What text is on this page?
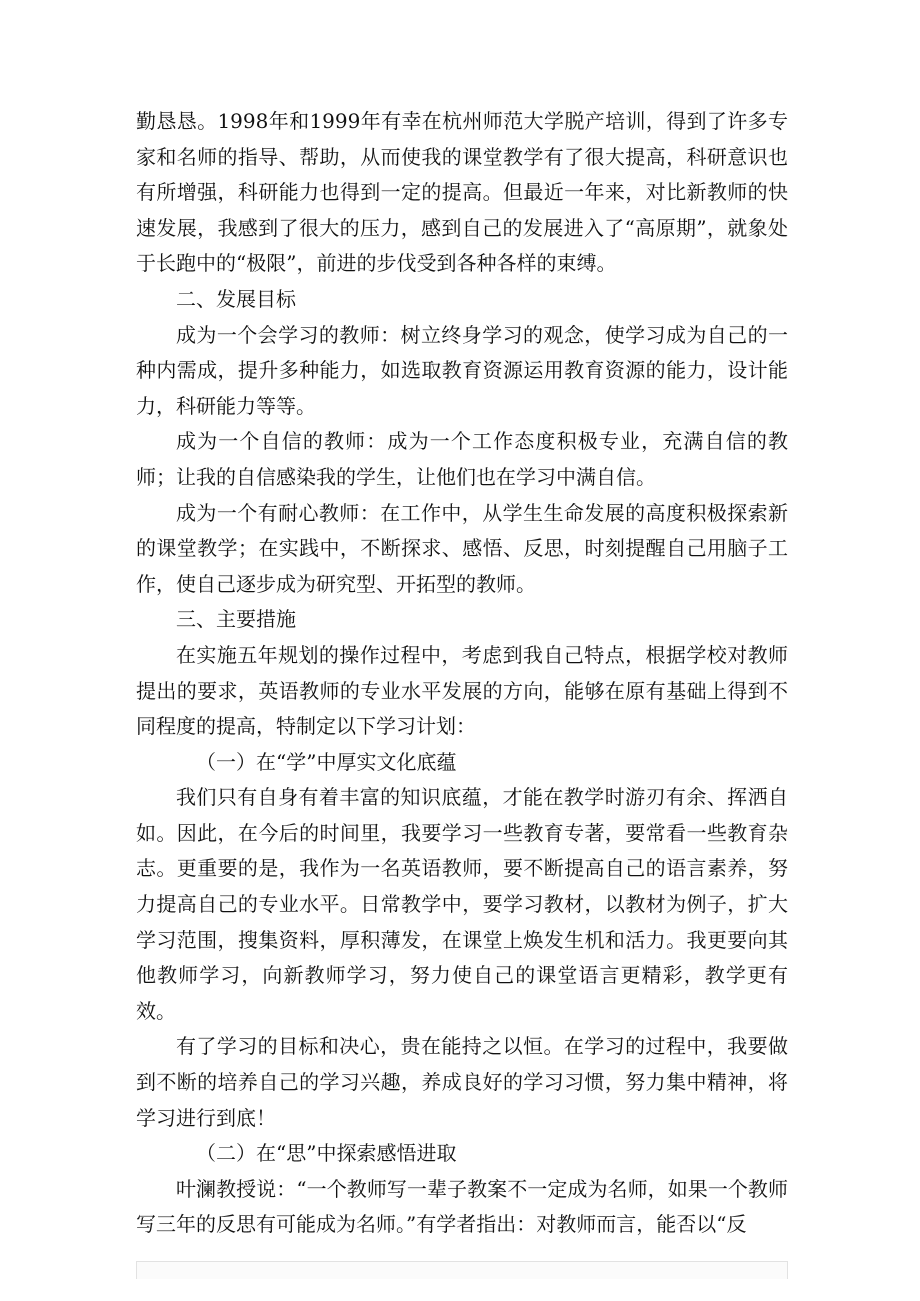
勤恳恳。1998年和1999年有幸在杭州师范大学脱产培训，得到了许多专家和名师的指导、帮助，从而使我的课堂教学有了很大提高，科研意识也有所增强，科研能力也得到一定的提高。但最近一年来，对比新教师的快速发展，我感到了很大的压力，感到自己的发展进入了“高原期”，就象处于长跑中的“极限”，前进的步伐受到各种各样的束缚。

二、发展目标

成为一个会学习的教师：树立终身学习的观念，使学习成为自己的一种内需成，提升多种能力，如选取教育资源运用教育资源的能力，设计能力，科研能力等等。

成为一个自信的教师：成为一个工作态度积极专业，充满自信的教师；让我的自信感染我的学生，让他们也在学习中满自信。

成为一个有耐心教师：在工作中，从学生生命发展的高度积极探索新的课堂教学；在实践中，不断探求、感悟、反思，时刻提醒自己用脑子工作，使自己逐步成为研究型、开拓型的教师。

三、主要措施

在实施五年规划的操作过程中，考虑到我自己特点，根据学校对教师提出的要求，英语教师的专业水平发展的方向，能够在原有基础上得到不同程度的提高，特制定以下学习计划：

（一）在“学”中厚实文化底蕴

我们只有自身有着丰富的知识底蕴，才能在教学时游刃有余、挥洒自如。因此，在今后的时间里，我要学习一些教育专著，要常看一些教育杂志。更重要的是，我作为一名英语教师，要不断提高自己的语言素养，努力提高自己的专业水平。日常教学中，要学习教材，以教材为例子，扩大学习范围，搜集资料，厚积薄发，在课堂上焕发生机和活力。我更要向其他教师学习，向新教师学习，努力使自己的课堂语言更精彩，教学更有效。

有了学习的目标和决心，贵在能持之以恒。在学习的过程中，我要做到不断的培养自己的学习兴趣，养成良好的学习习惯，努力集中精神，将学习进行到底！

（二）在“思”中探索感悟进取

叶澜教授说：“一个教师写一辈子教案不一定成为名师，如果一个教师写三年的反思有可能成为名师。”有学者指出：对教师而言，能否以“反
